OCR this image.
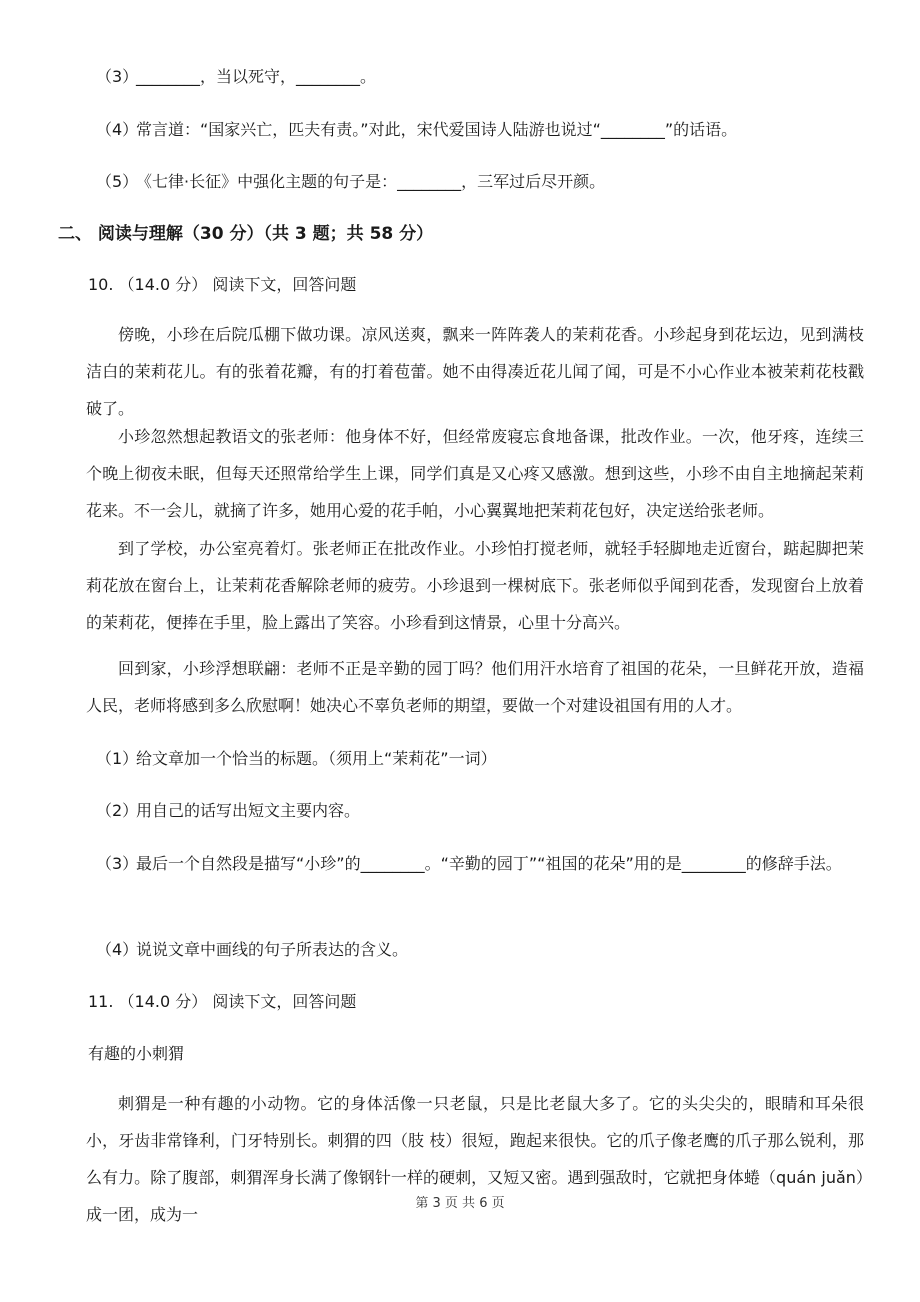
（3）________，当以死守，________。
（4）常言道：“国家兴亡，匹夫有责。”对此，宋代爱国诗人陆游也说过“________”的话语。
（5）《七律·长征》中强化主题的句子是：________，三军过后尽开颜。
二、 阅读与理解（30 分）（共 3 题；共 58 分）
10. （14.0 分） 阅读下文，回答问题
傍晚，小珍在后院瓜棚下做功课。凉风送爽，飘来一阵阵袭人的茉莉花香。小珍起身到花坛边，见到满枝洁白的茉莉花儿。有的张着花瓣，有的打着苞蕾。她不由得凑近花儿闻了闻，可是不小心作业本被茉莉花枝戳破了。
小珍忽然想起教语文的张老师：他身体不好，但经常废寝忘食地备课，批改作业。一次，他牙疼，连续三个晚上彻夜未眠，但每天还照常给学生上课，同学们真是又心疼又感激。想到这些，小珍不由自主地摘起茉莉花来。不一会儿，就摘了许多，她用心爱的花手帕，小心翼翼地把茉莉花包好，决定送给张老师。
到了学校，办公室亮着灯。张老师正在批改作业。小珍怕打搅老师，就轻手轻脚地走近窗台，踮起脚把茉莉花放在窗台上，让茉莉花香解除老师的疲劳。小珍退到一棵树底下。张老师似乎闻到花香，发现窗台上放着的茉莉花，便捧在手里，脸上露出了笑容。小珍看到这情景，心里十分高兴。
回到家，小珍浮想联翩：老师不正是辛勤的园丁吗？他们用汗水培育了祖国的花朵，一旦鲜花开放，造福人民，老师将感到多么欣慰啊！她决心不辜负老师的期望，要做一个对建设祖国有用的人才。
（1）给文章加一个恰当的标题。（须用上“茉莉花”一词）
（2）用自己的话写出短文主要内容。
（3）最后一个自然段是描写“小珍”的________。“辛勤的园丁”“祖国的花朵”用的是________的修辞手法。
（4）说说文章中画线的句子所表达的含义。
11. （14.0 分） 阅读下文，回答问题
有趣的小刺猬
刺猬是一种有趣的小动物。它的身体活像一只老鼠，只是比老鼠大多了。它的头尖尖的，眼睛和耳朵很小，牙齿非常锋利，门牙特别长。刺猬的四（肢 枝）很短，跑起来很快。它的爪子像老鹰的爪子那么锐利，那么有力。除了腹部，刺猬浑身长满了像钢针一样的硬刺，又短又密。遇到强敌时，它就把身体蜷（quán juǎn）成一团，成为一
第 3 页 共 6 页
